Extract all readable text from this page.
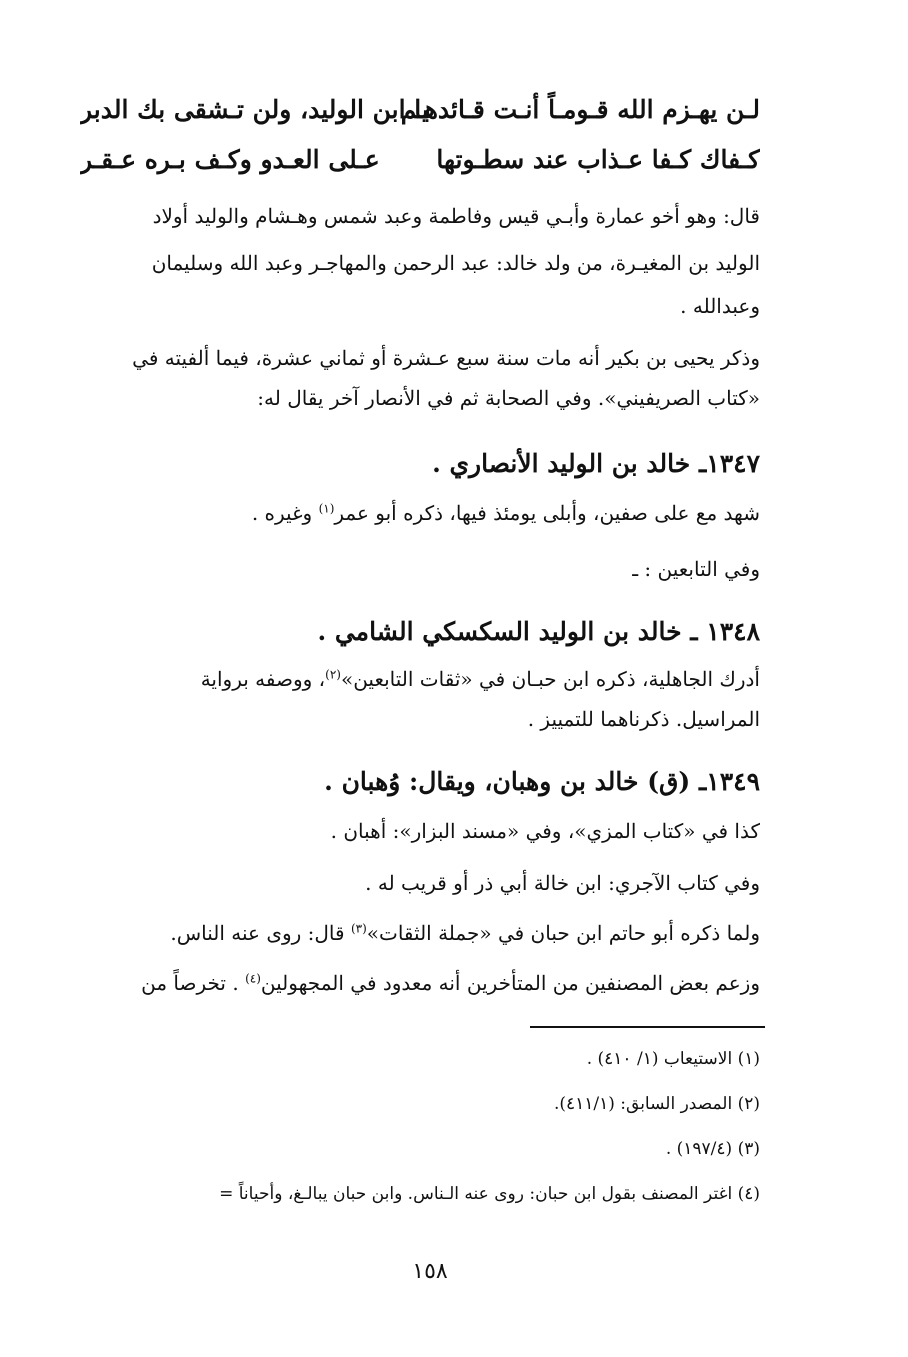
لـن يهـزم الله قـومـاً أنـت قـائدهـم
يا ابن الوليد، ولن تـشقى بك الدبر
كـفاك كـفا عـذاب عند سطـوتها
عـلى العـدو وكـف بـره عـقـر
قال: وهو أخو عمارة وأبـي قيس وفاطمة وعبد شمس وهـشام والوليد أولاد
الوليد بن المغيـرة، من ولد خالد: عبد الرحمن والمهاجـر وعبد الله وسليمان
وعبدالله .
وذكر يحيى بن بكير أنه مات سنة سبع عـشرة أو ثماني عشرة، فيما ألفيته في
«كتاب الصريفيني». وفي الصحابة ثم في الأنصار آخر يقال له:
١٣٤٧ـ خالد بن الوليد الأنصاري .
شهد مع على صفين، وأبلى يومئذ فيها، ذكره أبو عمر$^{(١)}$ وغيره .
وفي التابعين : ـ
١٣٤٨ ـ خالد بن الوليد السكسكي الشامي .
أدرك الجاهلية، ذكره ابن حبـان في «ثقات التابعين»$^{(٢)}$، ووصفه برواية
المراسيل. ذكرناهما للتمييز .
١٣٤٩ـ (ق) خالد بن وهبان، ويقال: وُهبان .
كذا في «كتاب المزي»، وفي «مسند البزار»: أهبان .
وفي كتاب الآجري: ابن خالة أبي ذر أو قريب له .
ولما ذكره أبو حاتم ابن حبان في «جملة الثقات»$^{(٣)}$ قال: روى عنه الناس.
وزعم بعض المصنفين من المتأخرين أنه معدود في المجهولين$^{(٤)}$ . تخرصاً من
(١) الاستيعاب (١/ ٤١٠) .
(٢) المصدر السابق: (٤١١/١).
(٣) (١٩٧/٤) .
(٤) اغتر المصنف بقول ابن حبان: روى عنه الـناس. وابن حبان يبالـغ، وأحياناً =
١٥٨
